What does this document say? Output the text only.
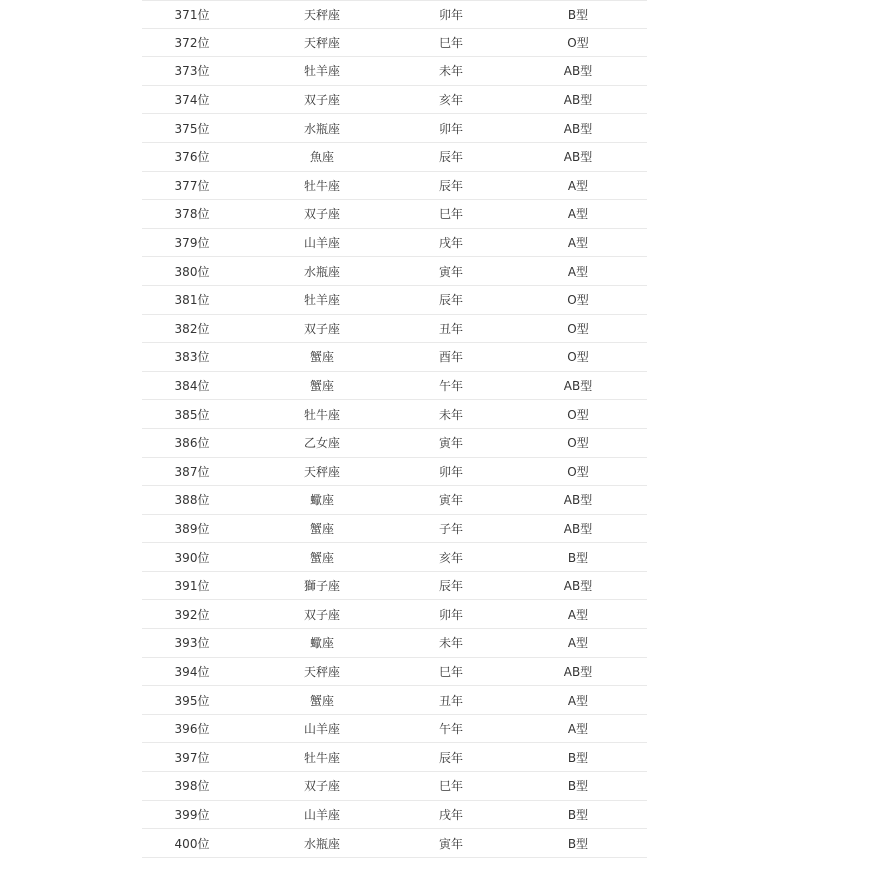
371位	天秤座	卯年	B型
372位	天秤座	巳年	O型
373位	牡羊座	未年	AB型
374位	双子座	亥年	AB型
375位	水瓶座	卯年	AB型
376位	魚座	辰年	AB型
377位	牡牛座	辰年	A型
378位	双子座	巳年	A型
379位	山羊座	戌年	A型
380位	水瓶座	寅年	A型
381位	牡羊座	辰年	O型
382位	双子座	丑年	O型
383位	蟹座	酉年	O型
384位	蟹座	午年	AB型
385位	牡牛座	未年	O型
386位	乙女座	寅年	O型
387位	天秤座	卯年	O型
388位	蠍座	寅年	AB型
389位	蟹座	子年	AB型
390位	蟹座	亥年	B型
391位	獅子座	辰年	AB型
392位	双子座	卯年	A型
393位	蠍座	未年	A型
394位	天秤座	巳年	AB型
395位	蟹座	丑年	A型
396位	山羊座	午年	A型
397位	牡牛座	辰年	B型
398位	双子座	巳年	B型
399位	山羊座	戌年	B型
400位	水瓶座	寅年	B型
